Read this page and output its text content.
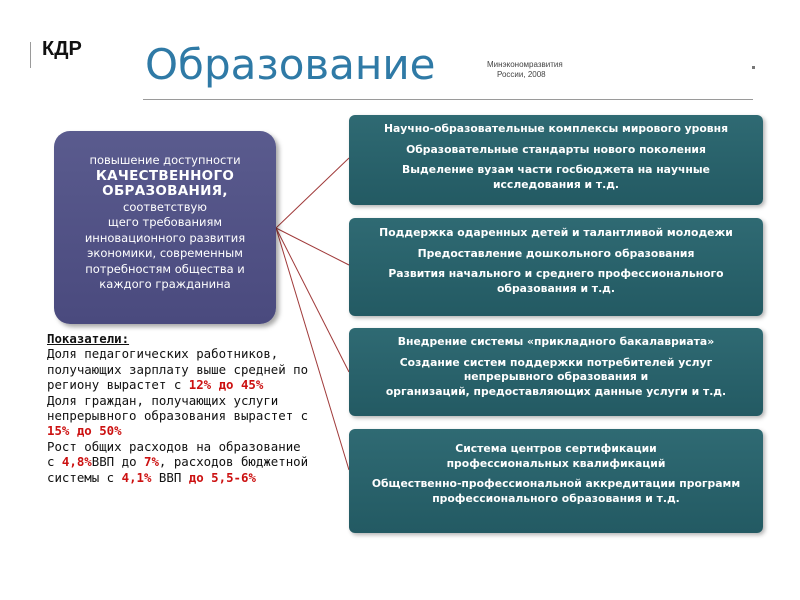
КДР Образование	Минэкономразвития
России, 2008
повышение доступности
КАЧЕСТВЕННОГО
ОБРАЗОВАНИЯ, соответствую
щего требованиям
инновационного развития
экономики, современным
потребностям общества и
каждого гражданина
Научно-образовательные комплексы мирового уровня
Образовательные стандарты нового поколения
Выделение вузам части госбюджета на научные исследования и т.д.
Поддержка одаренных детей и талантливой молодежи
Предоставление дошкольного образования
Развития начального и среднего профессионального образования и т.д.
Внедрение системы «прикладного бакалавриата»
Создание систем поддержки потребителей услуг непрерывного образования и
организаций, предоставляющих данные услуги и т.д.
Система центров сертификации профессиональных квалификаций
Общественно-профессиональной аккредитации программ профессионального образования и т.д.
Показатели:
Доля педагогических работников, получающих зарплату выше средней по региону вырастет с 12% до 45%
Доля граждан, получающих услуги непрерывного образования вырастет с 15% до 50%
Рост общих расходов на образование с 4,8%ВВП до 7%, расходов бюджетной системы с 4,1% ВВП до 5,5-6%
